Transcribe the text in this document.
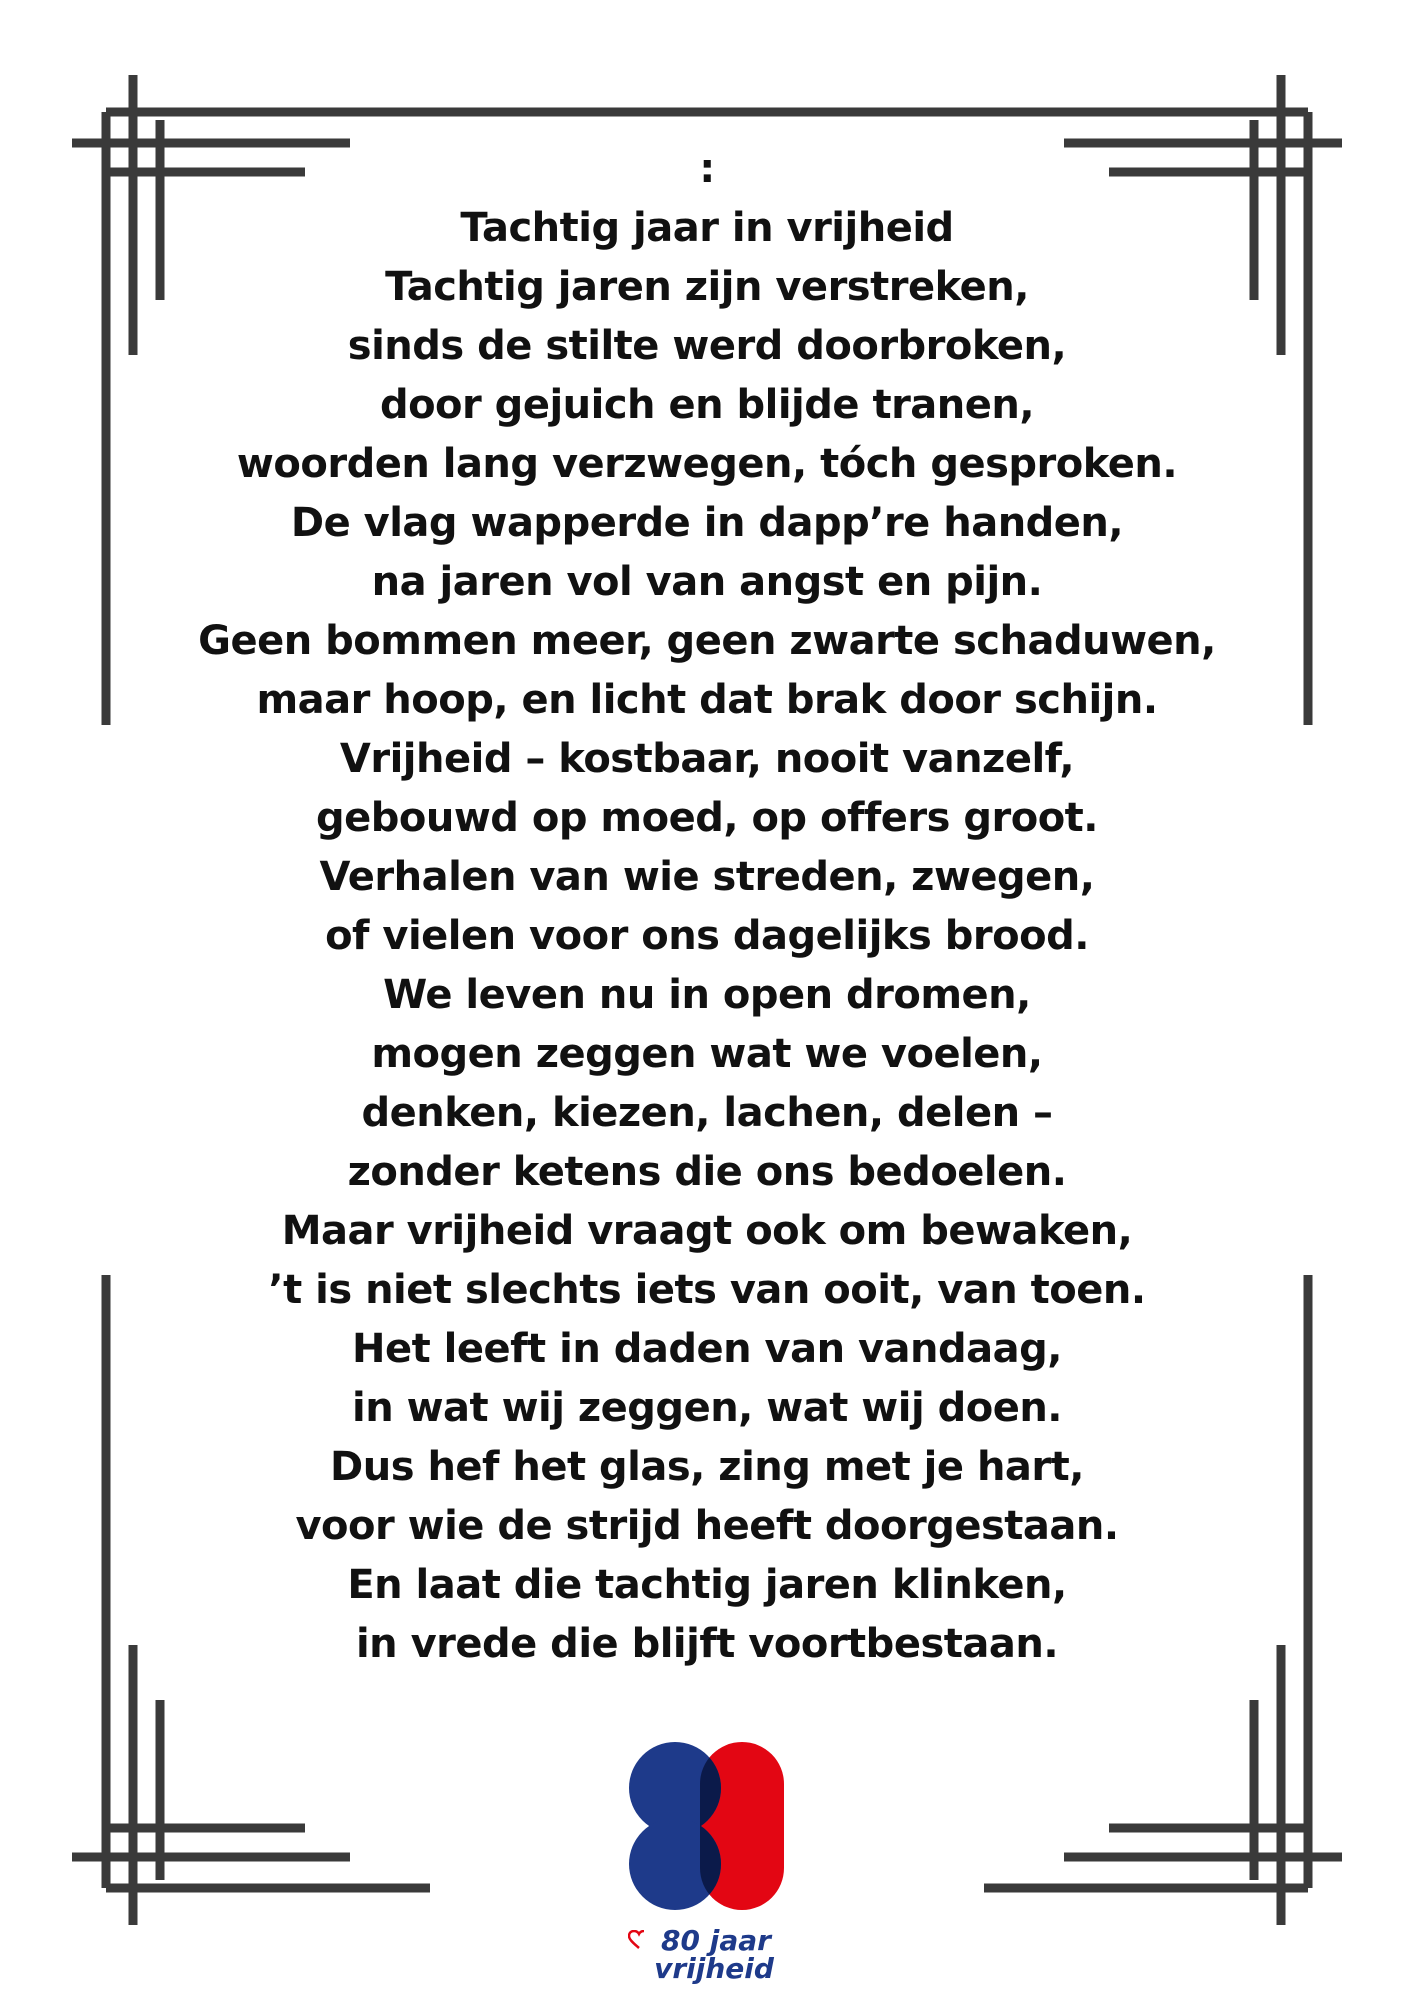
:
Tachtig jaar in vrijheid
Tachtig jaren zijn verstreken,
sinds de stilte werd doorbroken,
door gejuich en blijde tranen,
woorden lang verzwegen, tóch gesproken.
De vlag wapperde in dapp’re handen,
na jaren vol van angst en pijn.
Geen bommen meer, geen zwarte schaduwen,
maar hoop, en licht dat brak door schijn.
Vrijheid – kostbaar, nooit vanzelf,
gebouwd op moed, op offers groot.
Verhalen van wie streden, zwegen,
of vielen voor ons dagelijks brood.
We leven nu in open dromen,
mogen zeggen wat we voelen,
denken, kiezen, lachen, delen –
zonder ketens die ons bedoelen.
Maar vrijheid vraagt ook om bewaken,
’t is niet slechts iets van ooit, van toen.
Het leeft in daden van vandaag,
in wat wij zeggen, wat wij doen.
Dus hef het glas, zing met je hart,
voor wie de strijd heeft doorgestaan.
En laat die tachtig jaren klinken,
in vrede die blijft voortbestaan.
80 jaar
vrijheid
